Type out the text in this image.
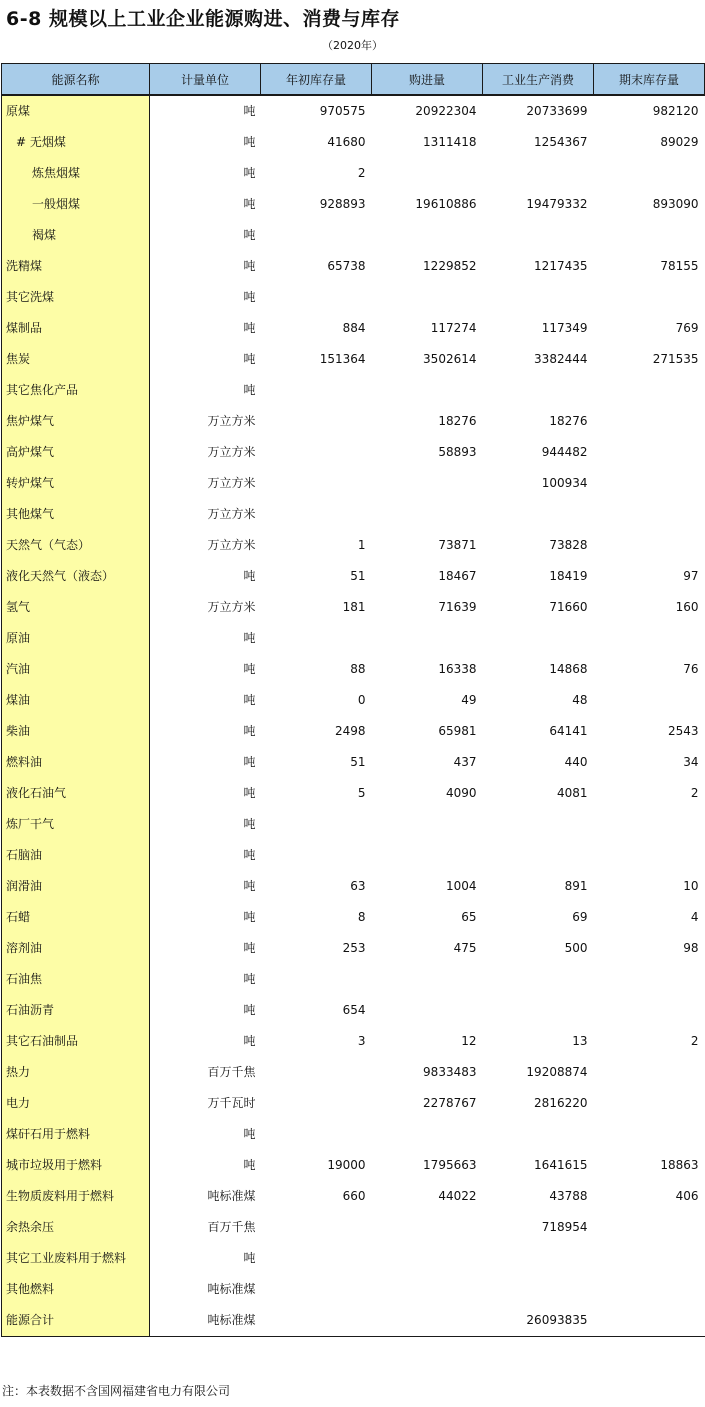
6-8 规模以上工业企业能源购进、消费与库存
（2020年）
能源名称	计量单位	年初库存量	购进量	工业生产消费	期末库存量
原煤	吨	970575	20922304	20733699	982120
# 无烟煤	吨	41680	1311418	1254367	89029
炼焦烟煤	吨	2			
一般烟煤	吨	928893	19610886	19479332	893090
褐煤	吨				
洗精煤	吨	65738	1229852	1217435	78155
其它洗煤	吨				
煤制品	吨	884	117274	117349	769
焦炭	吨	151364	3502614	3382444	271535
其它焦化产品	吨				
焦炉煤气	万立方米		18276	18276	
高炉煤气	万立方米		58893	944482	
转炉煤气	万立方米			100934	
其他煤气	万立方米				
天然气（气态）	万立方米	1	73871	73828	
液化天然气（液态）	吨	51	18467	18419	97
氢气	万立方米	181	71639	71660	160
原油	吨				
汽油	吨	88	16338	14868	76
煤油	吨	0	49	48	
柴油	吨	2498	65981	64141	2543
燃料油	吨	51	437	440	34
液化石油气	吨	5	4090	4081	2
炼厂干气	吨				
石脑油	吨				
润滑油	吨	63	1004	891	10
石蜡	吨	8	65	69	4
溶剂油	吨	253	475	500	98
石油焦	吨				
石油沥青	吨	654			
其它石油制品	吨	3	12	13	2
热力	百万千焦		9833483	19208874	
电力	万千瓦时		2278767	2816220	
煤矸石用于燃料	吨				
城市垃圾用于燃料	吨	19000	1795663	1641615	18863
生物质废料用于燃料	吨标准煤	660	44022	43788	406
余热余压	百万千焦			718954	
其它工业废料用于燃料	吨				
其他燃料	吨标准煤				
能源合计	吨标准煤			26093835	
注：本表数据不含国网福建省电力有限公司
